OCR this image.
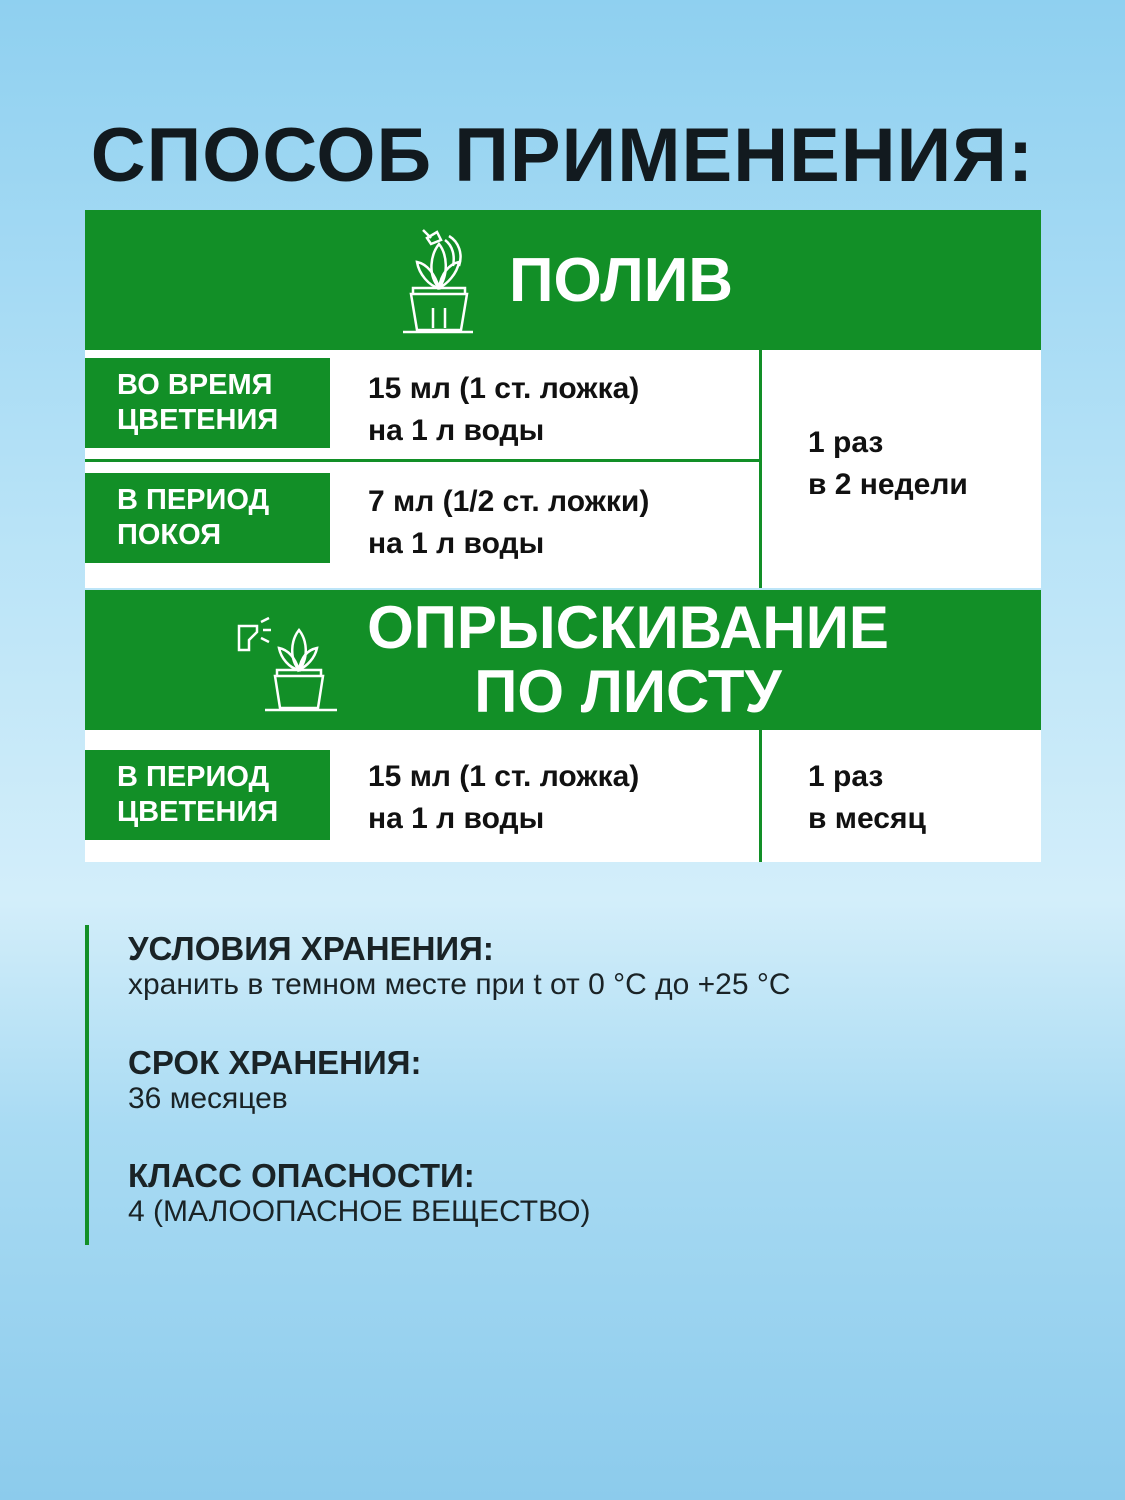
СПОСОБ ПРИМЕНЕНИЯ:
ПОЛИВ
ВО ВРЕМЯ
ЦВЕТЕНИЯ
15 мл (1 ст. ложка)
на 1 л воды
В ПЕРИОД
ПОКОЯ
7 мл (1/2 ст. ложки)
на 1 л воды
1 раз
в 2 недели
ОПРЫСКИВАНИЕ
ПО ЛИСТУ
В ПЕРИОД
ЦВЕТЕНИЯ
15 мл (1 ст. ложка)
на 1 л воды
1 раз
в месяц
УСЛОВИЯ ХРАНЕНИЯ:
хранить в темном месте при t от 0 °С до +25 °С
СРОК ХРАНЕНИЯ:
36 месяцев
КЛАСС ОПАСНОСТИ:
4 (МАЛООПАСНОЕ ВЕЩЕСТВО)
